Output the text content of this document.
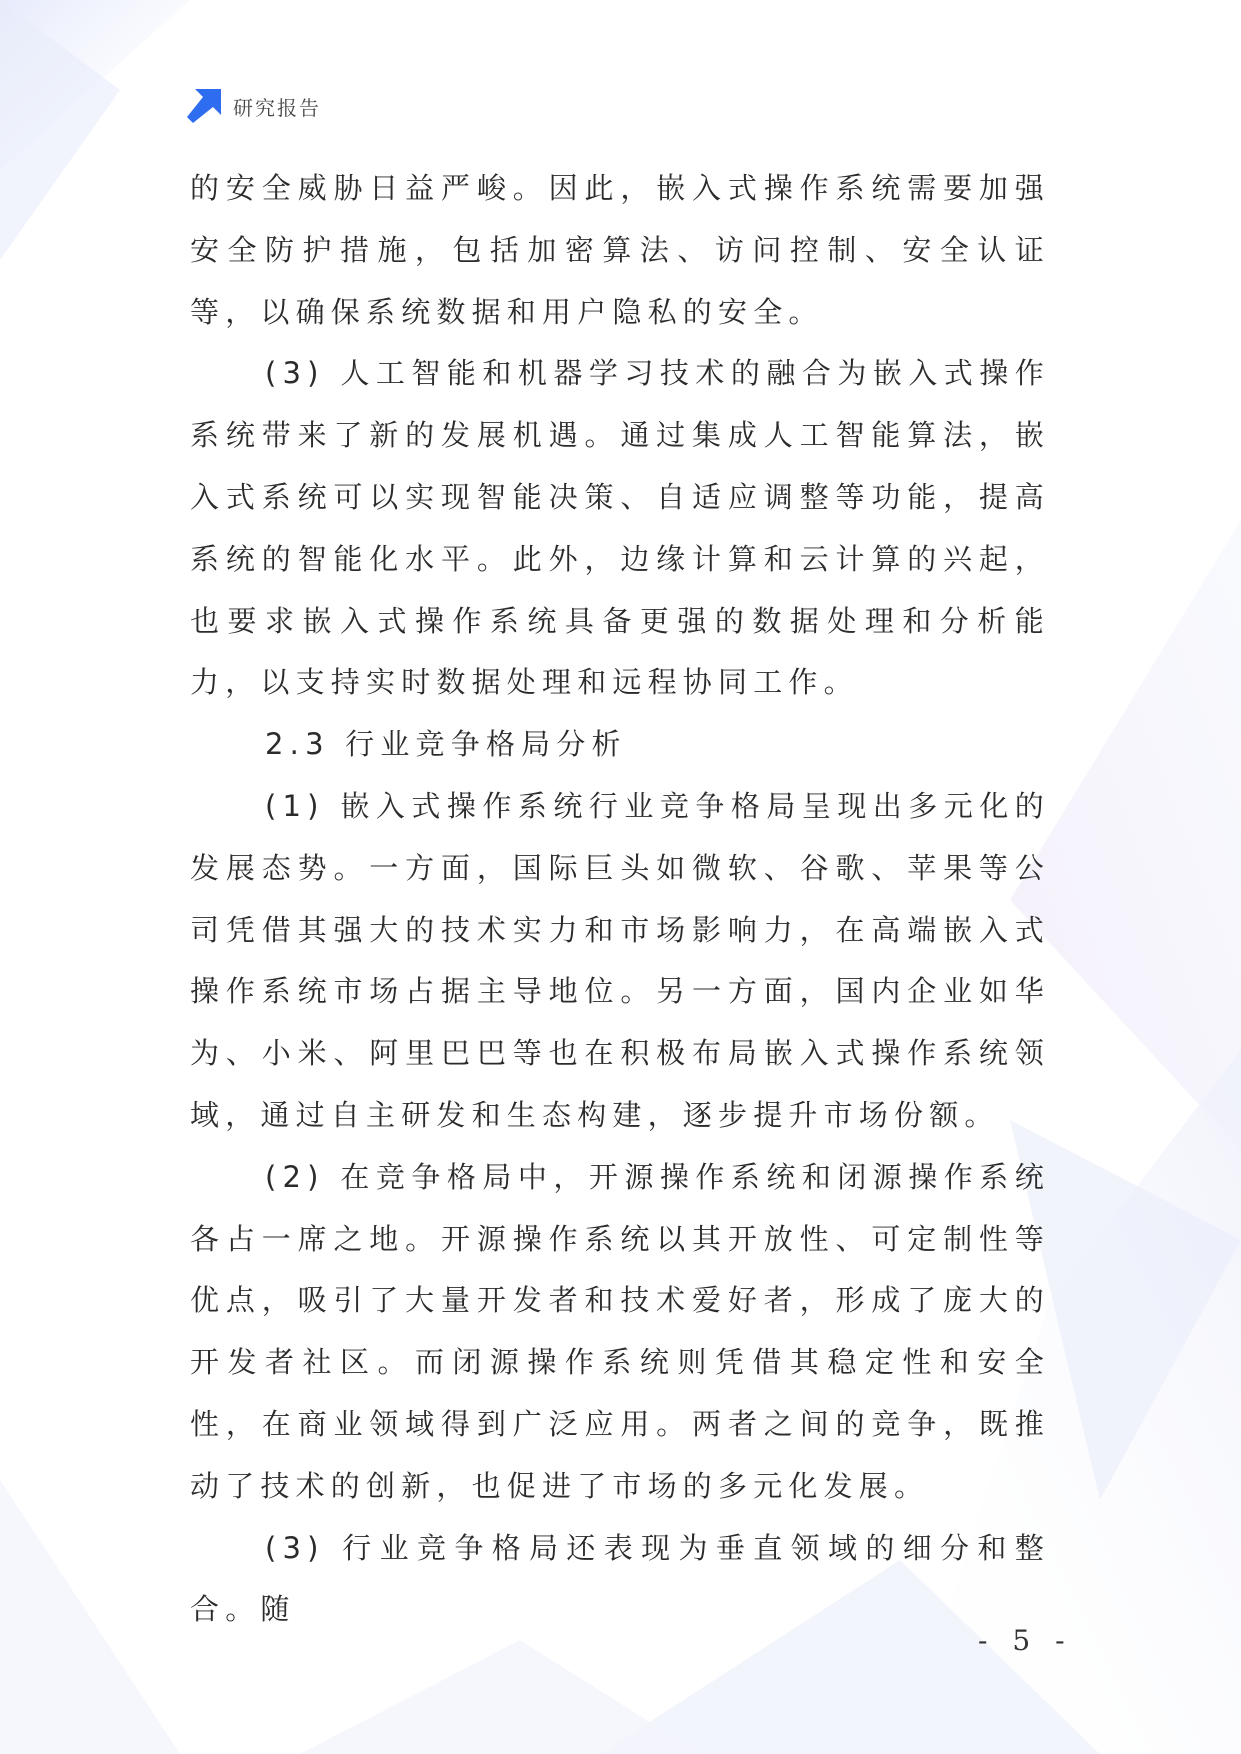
研究报告

的安全威胁日益严峻。因此，嵌入式操作系统需要加强安全防护措施，包括加密算法、访问控制、安全认证等，以确保系统数据和用户隐私的安全。

(3) 人工智能和机器学习技术的融合为嵌入式操作系统带来了新的发展机遇。通过集成人工智能算法，嵌入式系统可以实现智能决策、自适应调整等功能，提高系统的智能化水平。此外，边缘计算和云计算的兴起，也要求嵌入式操作系统具备更强的数据处理和分析能力，以支持实时数据处理和远程协同工作。

2.3 行业竞争格局分析

(1) 嵌入式操作系统行业竞争格局呈现出多元化的发展态势。一方面，国际巨头如微软、谷歌、苹果等公司凭借其强大的技术实力和市场影响力，在高端嵌入式操作系统市场占据主导地位。另一方面，国内企业如华为、小米、阿里巴巴等也在积极布局嵌入式操作系统领域，通过自主研发和生态构建，逐步提升市场份额。

(2) 在竞争格局中，开源操作系统和闭源操作系统各占一席之地。开源操作系统以其开放性、可定制性等优点，吸引了大量开发者和技术爱好者，形成了庞大的开发者社区。而闭源操作系统则凭借其稳定性和安全性，在商业领域得到广泛应用。两者之间的竞争，既推动了技术的创新，也促进了市场的多元化发展。

(3) 行业竞争格局还表现为垂直领域的细分和整合。随

- 5 -
